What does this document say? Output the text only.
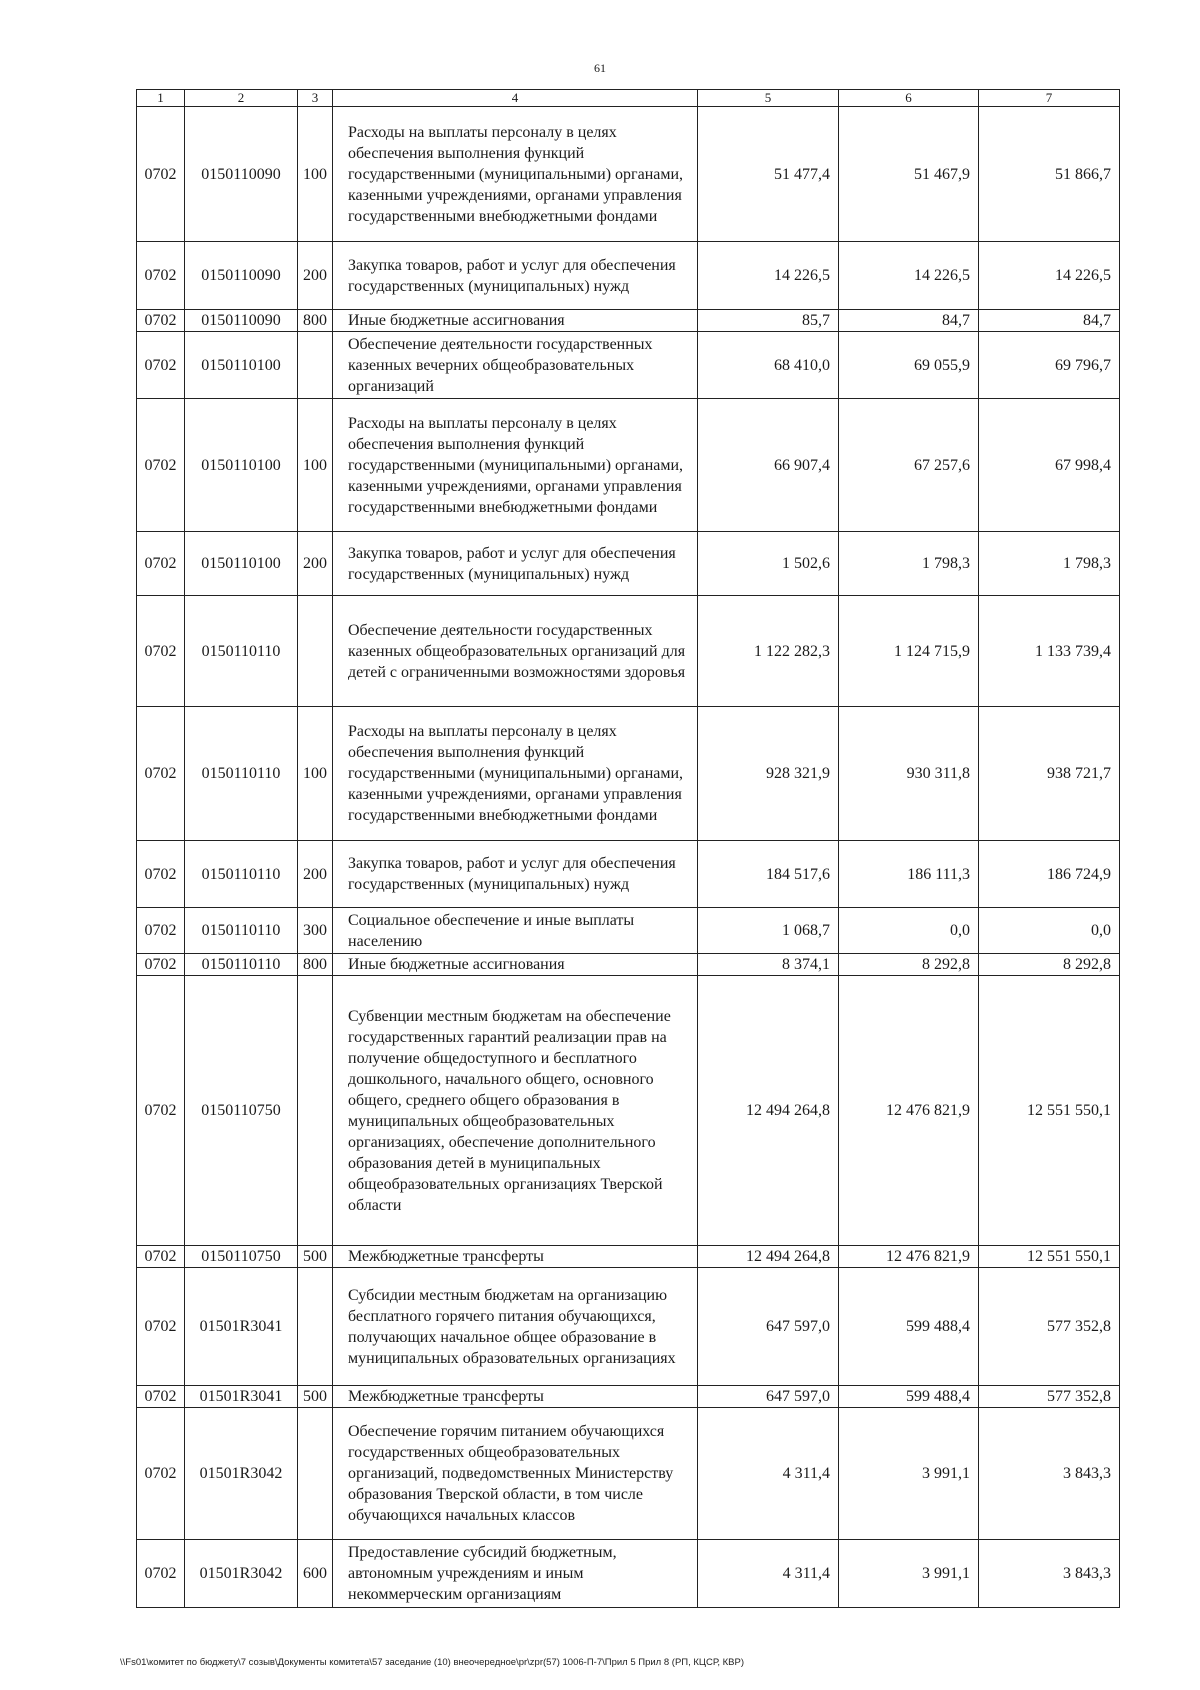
61
1	2	3	4	5	6	7
0702	0150110090	100	Расходы на выплаты персоналу в целях обеспечения выполнения функций государственными (муниципальными) органами, казенными учреждениями, органами управления государственными внебюджетными фондами	51 477,4	51 467,9	51 866,7
0702	0150110090	200	Закупка товаров, работ и услуг для обеспечения государственных (муниципальных) нужд	14 226,5	14 226,5	14 226,5
0702	0150110090	800	Иные бюджетные ассигнования	85,7	84,7	84,7
0702	0150110100		Обеспечение деятельности государственных казенных вечерних общеобразовательных организаций	68 410,0	69 055,9	69 796,7
0702	0150110100	100	Расходы на выплаты персоналу в целях обеспечения выполнения функций государственными (муниципальными) органами, казенными учреждениями, органами управления государственными внебюджетными фондами	66 907,4	67 257,6	67 998,4
0702	0150110100	200	Закупка товаров, работ и услуг для обеспечения государственных (муниципальных) нужд	1 502,6	1 798,3	1 798,3
0702	0150110110		Обеспечение деятельности государственных казенных общеобразовательных организаций для детей с ограниченными возможностями здоровья	1 122 282,3	1 124 715,9	1 133 739,4
0702	0150110110	100	Расходы на выплаты персоналу в целях обеспечения выполнения функций государственными (муниципальными) органами, казенными учреждениями, органами управления государственными внебюджетными фондами	928 321,9	930 311,8	938 721,7
0702	0150110110	200	Закупка товаров, работ и услуг для обеспечения государственных (муниципальных) нужд	184 517,6	186 111,3	186 724,9
0702	0150110110	300	Социальное обеспечение и иные выплаты населению	1 068,7	0,0	0,0
0702	0150110110	800	Иные бюджетные ассигнования	8 374,1	8 292,8	8 292,8
0702	0150110750		Субвенции местным бюджетам на обеспечение государственных гарантий реализации прав на получение общедоступного и бесплатного дошкольного, начального общего, основного общего, среднего общего образования в муниципальных общеобразовательных организациях, обеспечение дополнительного образования детей в муниципальных общеобразовательных организациях Тверской области	12 494 264,8	12 476 821,9	12 551 550,1
0702	0150110750	500	Межбюджетные трансферты	12 494 264,8	12 476 821,9	12 551 550,1
0702	01501R3041		Субсидии местным бюджетам на организацию бесплатного горячего питания обучающихся, получающих начальное общее образование в муниципальных образовательных организациях	647 597,0	599 488,4	577 352,8
0702	01501R3041	500	Межбюджетные трансферты	647 597,0	599 488,4	577 352,8
0702	01501R3042		Обеспечение горячим питанием обучающихся государственных общеобразовательных организаций, подведомственных Министерству образования Тверской области, в том числе обучающихся начальных классов	4 311,4	3 991,1	3 843,3
0702	01501R3042	600	Предоставление субсидий бюджетным, автономным учреждениям и иным некоммерческим организациям	4 311,4	3 991,1	3 843,3
\\Fs01\комитет по бюджету\7 созыв\Документы комитета\57 заседание (10) внеочередное\pr\zpr(57) 1006-П-7\Прил 5 Прил 8 (РП, КЦСР, КВР)
